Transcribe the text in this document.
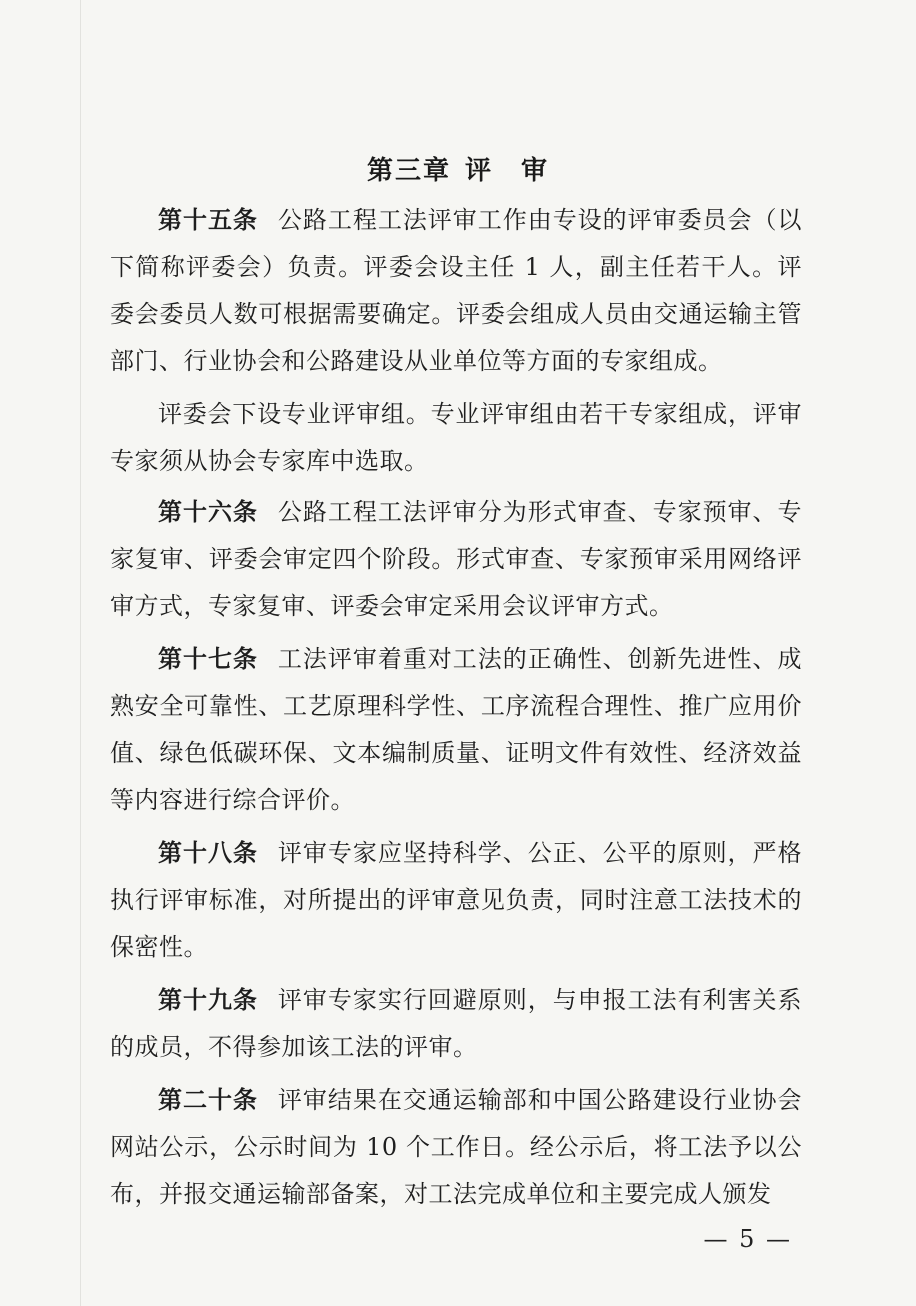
第三章 评　审

第十五条 公路工程工法评审工作由专设的评审委员会（以下简称评委会）负责。评委会设主任 1 人，副主任若干人。评委会委员人数可根据需要确定。评委会组成人员由交通运输主管部门、行业协会和公路建设从业单位等方面的专家组成。

评委会下设专业评审组。专业评审组由若干专家组成，评审专家须从协会专家库中选取。

第十六条 公路工程工法评审分为形式审查、专家预审、专家复审、评委会审定四个阶段。形式审查、专家预审采用网络评审方式，专家复审、评委会审定采用会议评审方式。

第十七条 工法评审着重对工法的正确性、创新先进性、成熟安全可靠性、工艺原理科学性、工序流程合理性、推广应用价值、绿色低碳环保、文本编制质量、证明文件有效性、经济效益等内容进行综合评价。

第十八条 评审专家应坚持科学、公正、公平的原则，严格执行评审标准，对所提出的评审意见负责，同时注意工法技术的保密性。

第十九条 评审专家实行回避原则，与申报工法有利害关系的成员，不得参加该工法的评审。

第二十条 评审结果在交通运输部和中国公路建设行业协会网站公示，公示时间为 10 个工作日。经公示后，将工法予以公布，并报交通运输部备案，对工法完成单位和主要完成人颁发

— 5 —
